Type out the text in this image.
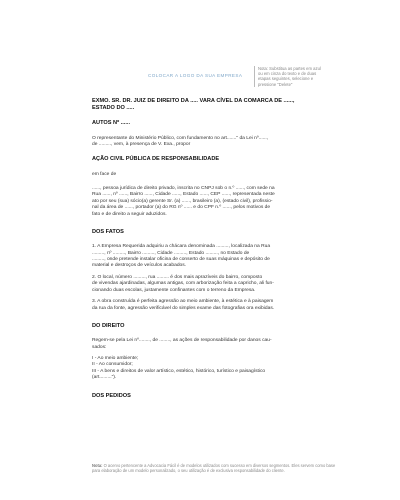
COLOCAR A LOGO DA SUA EMPRESA

Nota: Substitua as partes em azul

ou em cinza do texto e de duas

etapas seguintes, selecione e

pressione "Delete"

EXMO. SR. DR. JUIZ DE DIREITO DA ..... VARA CÍVEL DA COMARCA DE ......,

ESTADO DO .....

AUTOS Nº ......

O representante do Ministério Público, com fundamento no art......." da Lei nº......,

de ........., vem, à presença de V. Exa., propor

AÇÃO CIVIL PÚBLICA DE RESPONSABILIDADE

em face de

......, pessoa jurídica de direito privado, inscrita no CNPJ sob o n.º ......, com sede na

Rua ......, nº ......, Bairro ......, Cidade ......, Estado ......, CEP ......, representada neste

ato por seu (sua) sócio(a) gerente Sr. (a) ......, brasileiro (a), (estado civil), profissio-

nal da área de ......, portador (a) do RG nº ...... e do CPF n.º ......, pelos motivos de

fato e de direito a seguir aduzidos.

DOS FATOS

1. A Empresa Requerida adquiriu a chácara denominada ........., localizada na Rua

........., nº ........., Bairro ........., Cidade ........., Estado ........., no Estado de

........., onde pretende instalar oficina de conserto de suas máquinas e depósito de

material e destroços de veículos acabados.

2. O local, número ........., rua ......... é dos mais aprazíveis do bairro, composto

de vivendas ajardinadas, algumas antigas, com arborização feita a capricho, ali fun-

cionando duas escolas, justamente confinantes com o terreno da Empresa.

3. A obra construída é perfeita agressão ao meio ambiente, à estética e à paisagem

da rua da fonte, agressão verificável do simples exame das fotografias ora exibidas.

DO DIREITO

Regem-se pela Lei nº........, de ........, as ações de responsabilidade por danos cau-

sados:

I - Ao meio ambiente;

II - Ao consumidor;

III - A bens e direitos de valor artístico, estético, histórico, turístico e paisagístico

(art.........").

DOS PEDIDOS

Nota: O acervo pertencente a Advocacia Fácil é de modelos utilizados com sucesso em diversos segmentos. Eles servem como base para elaboração de um modelo personalizado, o seu utilização é de exclusiva responsabilidade do cliente.
